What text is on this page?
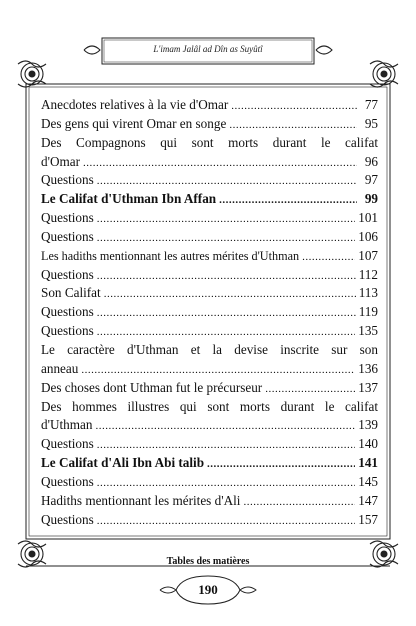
L'imam Jalâl ad Dîn as Suyûtî
Anecdotes relatives à la vie d'Omar .....	77
Des gens qui virent Omar en songe .....	95
Des Compagnons qui sont morts durant le califat
d'Omar .....	96
Questions .....	97
Le Califat d'Uthman Ibn Affan .....	99
Questions .....	101
Questions .....	106
Les hadiths mentionnant les autres mérites d'Uthman .....	107
Questions .....	112
Son Califat .....	113
Questions .....	119
Questions .....	135
Le caractère d'Uthman et la devise inscrite sur son
anneau .....	136
Des choses dont Uthman fut le précurseur .....	137
Des hommes illustres qui sont morts durant le califat
d'Uthman .....	139
Questions .....	140
Le Califat d'Ali Ibn Abi talib .....	141
Questions .....	145
Hadiths mentionnant les mérites d'Ali .....	147
Questions .....	157
Tables des matières
190
